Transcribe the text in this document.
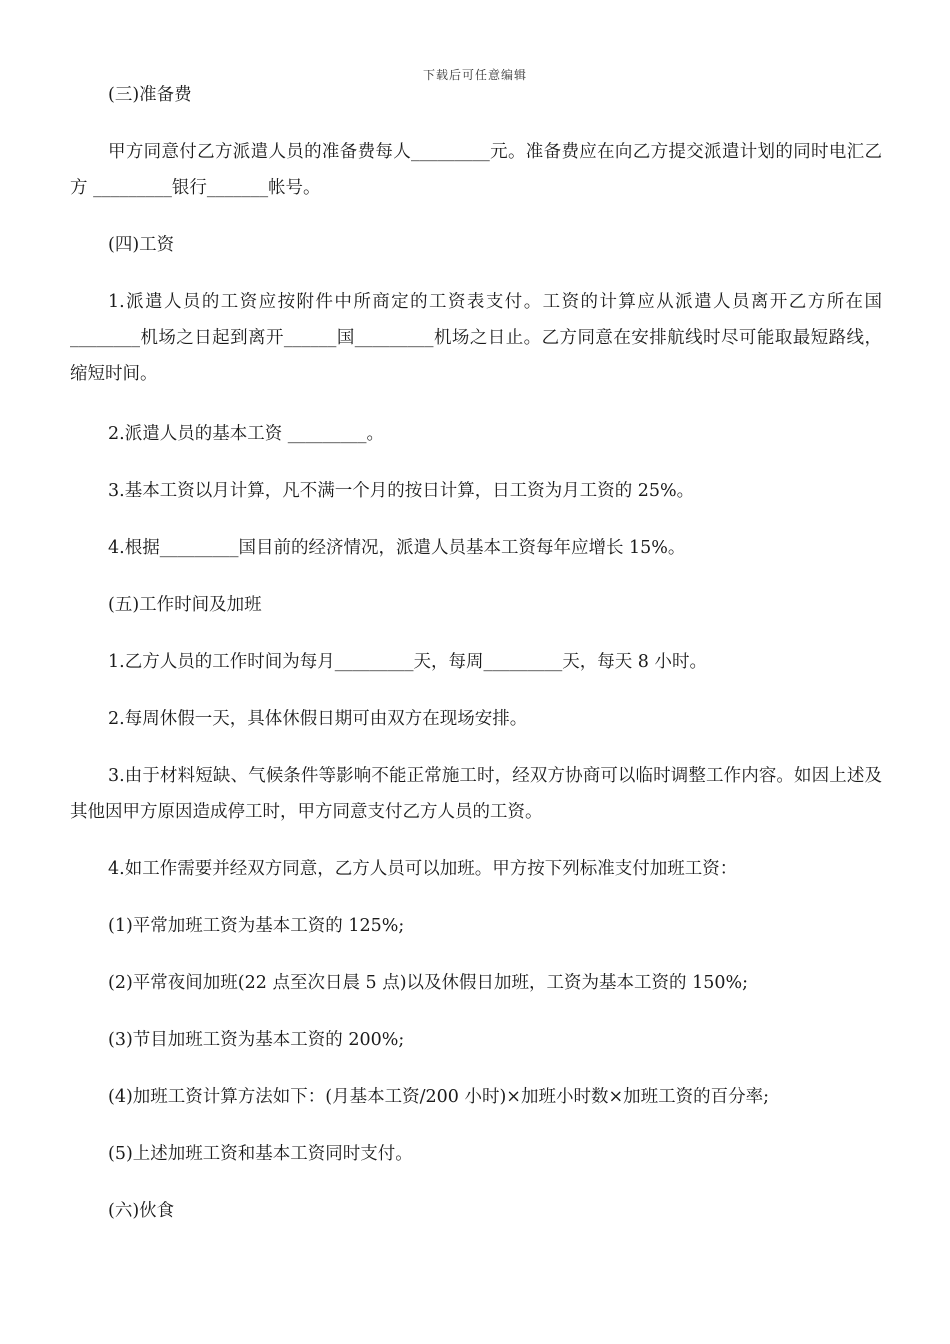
下载后可任意编辑

(三)准备费

甲方同意付乙方派遣人员的准备费每人_________元。准备费应在向乙方提交派遣计划的同时电汇乙方 _________银行_______帐号。

(四)工资

1.派遣人员的工资应按附件中所商定的工资表支付。工资的计算应从派遣人员离开乙方所在国________机场之日起到离开______国_________机场之日止。乙方同意在安排航线时尽可能取最短路线，缩短时间。

2.派遣人员的基本工资 _________。

3.基本工资以月计算，凡不满一个月的按日计算，日工资为月工资的 25%。

4.根据_________国目前的经济情况，派遣人员基本工资每年应增长 15%。

(五)工作时间及加班

1.乙方人员的工作时间为每月_________天，每周_________天，每天 8 小时。

2.每周休假一天，具体休假日期可由双方在现场安排。

3.由于材料短缺、气候条件等影响不能正常施工时，经双方协商可以临时调整工作内容。如因上述及其他因甲方原因造成停工时，甲方同意支付乙方人员的工资。

4.如工作需要并经双方同意，乙方人员可以加班。甲方按下列标准支付加班工资：

(1)平常加班工资为基本工资的 125%;

(2)平常夜间加班(22 点至次日晨 5 点)以及休假日加班，工资为基本工资的 150%;

(3)节目加班工资为基本工资的 200%;

(4)加班工资计算方法如下：(月基本工资/200 小时)×加班小时数×加班工资的百分率;

(5)上述加班工资和基本工资同时支付。

(六)伙食
